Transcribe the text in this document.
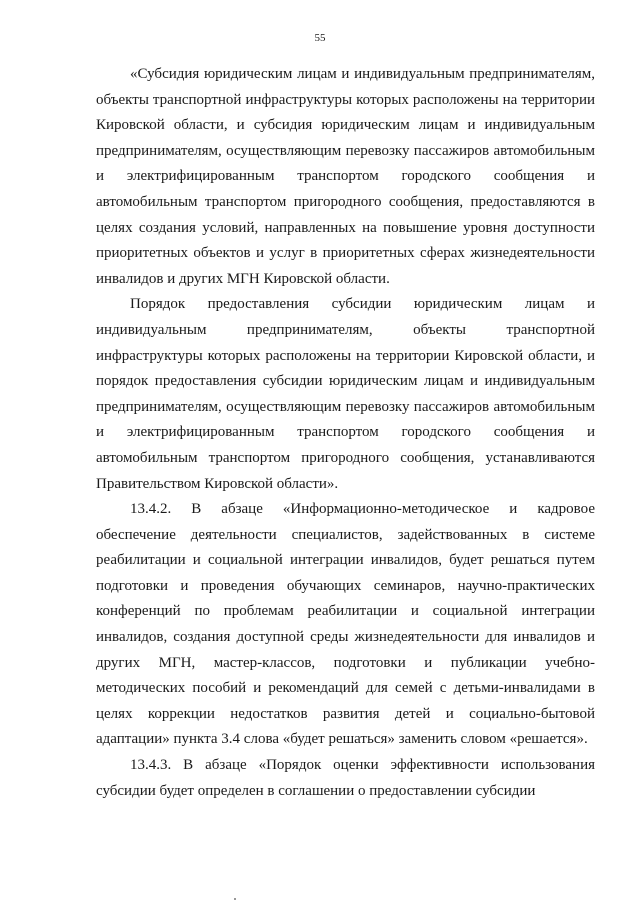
55

«Субсидия юридическим лицам и индивидуальным предпринимателям, объекты транспортной инфраструктуры которых расположены на территории Кировской области, и субсидия юридическим лицам и индивидуальным предпринимателям, осуществляющим перевозку пассажиров автомобильным и электрифицированным транспортом городского сообщения и автомобильным транспортом пригородного сообщения, предоставляются в целях создания условий, направленных на повышение уровня доступности приоритетных объектов и услуг в приоритетных сферах жизнедеятельности инвалидов и других МГН Кировской области.

Порядок предоставления субсидии юридическим лицам и индивидуальным предпринимателям, объекты транспортной инфраструктуры которых расположены на территории Кировской области, и порядок предоставления субсидии юридическим лицам и индивидуальным предпринимателям, осуществляющим перевозку пассажиров автомобильным и электрифицированным транспортом городского сообщения и автомобильным транспортом пригородного сообщения, устанавливаются Правительством Кировской области».

13.4.2. В абзаце «Информационно-методическое и кадровое обеспечение деятельности специалистов, задействованных в системе реабилитации и социальной интеграции инвалидов, будет решаться путем подготовки и проведения обучающих семинаров, научно-практических конференций по проблемам реабилитации и социальной интеграции инвалидов, создания доступной среды жизнедеятельности для инвалидов и других МГН, мастер-классов, подготовки и публикации учебно-методических пособий и рекомендаций для семей с детьми-инвалидами в целях коррекции недостатков развития детей и социально-бытовой адаптации» пункта 3.4 слова «будет решаться» заменить словом «решается».

13.4.3. В абзаце «Порядок оценки эффективности использования субсидии будет определен в соглашении о предоставлении субсидии
